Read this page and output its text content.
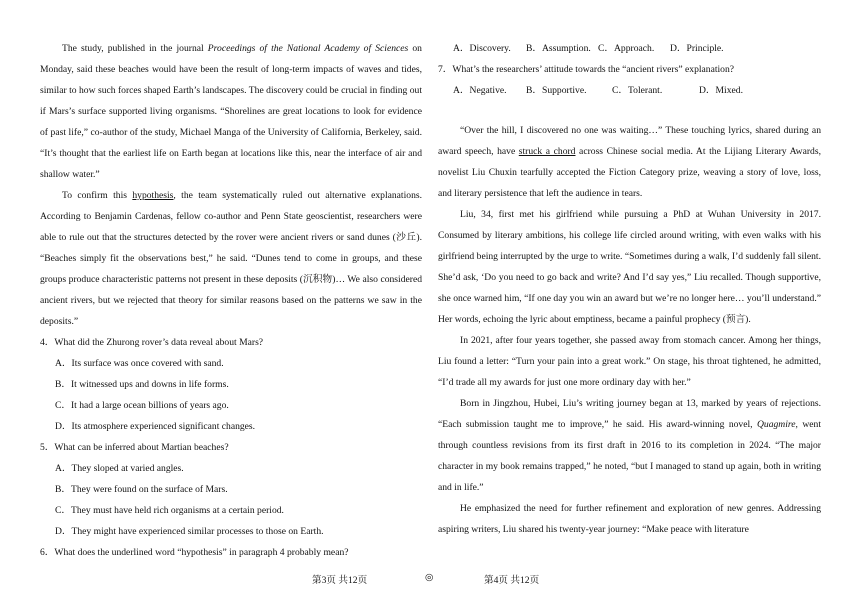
The study, published in the journal Proceedings of the National Academy of Sciences on Monday, said these beaches would have been the result of long-term impacts of waves and tides, similar to how such forces shaped Earth’s landscapes. The discovery could be crucial in finding out if Mars’s surface supported living organisms. “Shorelines are great locations to look for evidence of past life,” co-author of the study, Michael Manga of the University of California, Berkeley, said. “It’s thought that the earliest life on Earth began at locations like this, near the interface of air and shallow water.”

To confirm this hypothesis, the team systematically ruled out alternative explanations. According to Benjamin Cardenas, fellow co-author and Penn State geoscientist, researchers were able to rule out that the structures detected by the rover were ancient rivers or sand dunes (沙丘). “Beaches simply fit the observations best,” he said. “Dunes tend to come in groups, and these groups produce characteristic patterns not present in these deposits (沉积物)… We also considered ancient rivers, but we rejected that theory for similar reasons based on the patterns we saw in the deposits.”

4．What did the Zhurong rover’s data reveal about Mars?

A．Its surface was once covered with sand.

B．It witnessed ups and downs in life forms.

C．It had a large ocean billions of years ago.

D．Its atmosphere experienced significant changes.

5．What can be inferred about Martian beaches?

A．They sloped at varied angles.

B．They were found on the surface of Mars.

C．They must have held rich organisms at a certain period.

D．They might have experienced similar processes to those on Earth.

6．What does the underlined word “hypothesis” in paragraph 4 probably mean?

A．Discovery.	B．Assumption. C．Approach.	D．Principle.

7．What’s the researchers’ attitude towards the “ancient rivers” explanation?

A．Negative.	B．Supportive.	C．Tolerant.	D．Mixed.

“Over the hill, I discovered no one was waiting…” These touching lyrics, shared during an award speech, have struck a chord across Chinese social media. At the Lijiang Literary Awards, novelist Liu Chuxin tearfully accepted the Fiction Category prize, weaving a story of love, loss, and literary persistence that left the audience in tears.

Liu, 34, first met his girlfriend while pursuing a PhD at Wuhan University in 2017. Consumed by literary ambitions, his college life circled around writing, with even walks with his girlfriend being interrupted by the urge to write. “Sometimes during a walk, I’d suddenly fall silent. She’d ask, ‘Do you need to go back and write? And I’d say yes,” Liu recalled. Though supportive, she once warned him, “If one day you win an award but we’re no longer here… you’ll understand.” Her words, echoing the lyric about emptiness, became a painful prophecy (预言).

In 2021, after four years together, she passed away from stomach cancer. Among her things, Liu found a letter: “Turn your pain into a great work.” On stage, his throat tightened, he admitted, “I’d trade all my awards for just one more ordinary day with her.”

Born in Jingzhou, Hubei, Liu’s writing journey began at 13, marked by years of rejections. “Each submission taught me to improve,” he said. His award-winning novel, Quagmire, went through countless revisions from its first draft in 2016 to its completion in 2024. “The major character in my book remains trapped,” he noted, “but I managed to stand up again, both in writing and in life.”

He emphasized the need for further refinement and exploration of new genres. Addressing aspiring writers, Liu shared his twenty-year journey: “Make peace with literature

第3页 共12页	◎	第4页 共12页
